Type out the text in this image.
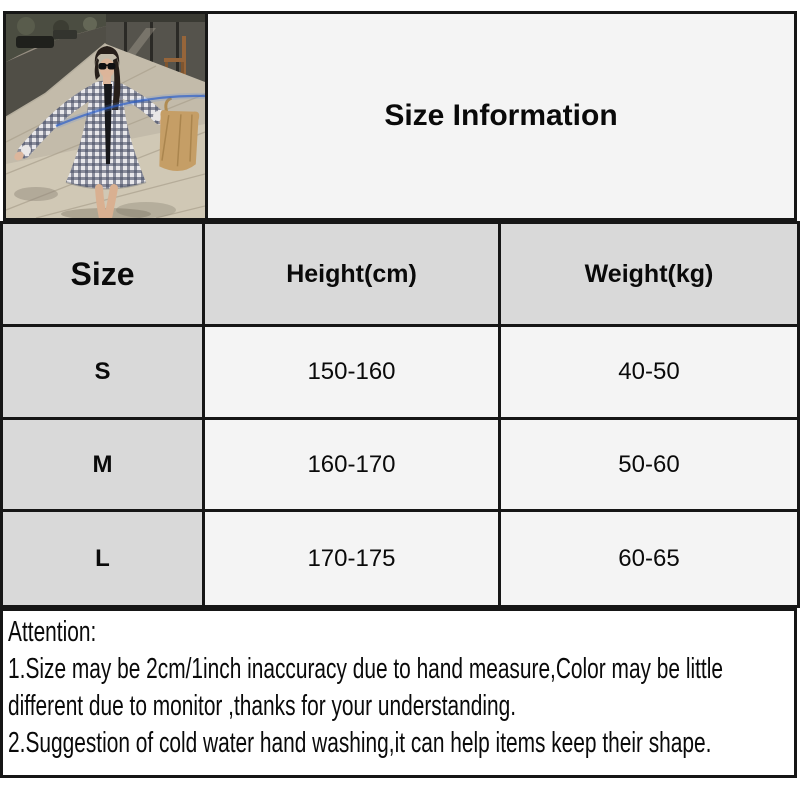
Size Information
Size	Height(cm)	Weight(kg)
S	150-160	40-50
M	160-170	50-60
L	170-175	60-65
Attention:
1.Size may be 2cm/1inch inaccuracy due to hand measure,Color may be little
different due to monitor ,thanks for your understanding.
2.Suggestion of cold water hand washing,it can help items keep their shape.
